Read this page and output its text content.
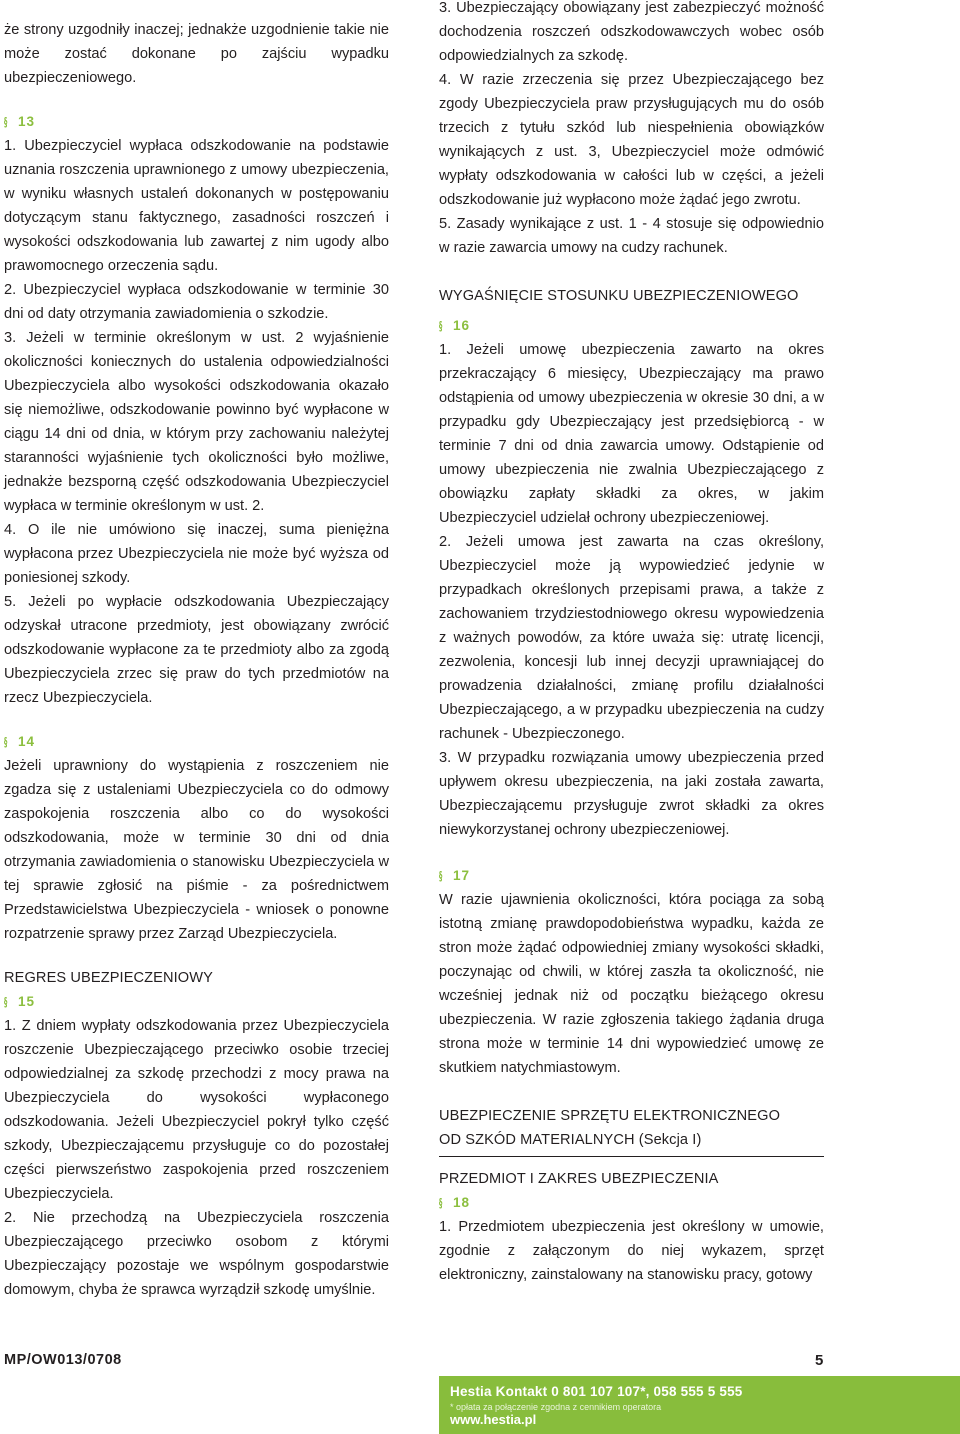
że strony uzgodniły inaczej; jednakże uzgodnienie takie nie może zostać dokonane po zajściu wypadku ubezpieczeniowego.

§ 13

1. Ubezpieczyciel wypłaca odszkodowanie na podstawie uznania roszczenia uprawnionego z umowy ubezpieczenia, w wyniku własnych ustaleń dokonanych w postępowaniu dotyczącym stanu faktycznego, zasadności roszczeń i wysokości odszkodowania lub zawartej z nim ugody albo prawomocnego orzeczenia sądu.

2. Ubezpieczyciel wypłaca odszkodowanie w terminie 30 dni od daty otrzymania zawiadomienia o szkodzie.

3. Jeżeli w terminie określonym w ust. 2 wyjaśnienie okoliczności koniecznych do ustalenia odpowiedzialności Ubezpieczyciela albo wysokości odszkodowania okazało się niemożliwe, odszkodowanie powinno być wypłacone w ciągu 14 dni od dnia, w którym przy zachowaniu należytej staranności wyjaśnienie tych okoliczności było możliwe, jednakże bezsporną część odszkodowania Ubezpieczyciel wypłaca w terminie określonym w ust. 2.

4. O ile nie umówiono się inaczej, suma pieniężna wypłacona przez Ubezpieczyciela nie może być wyższa od poniesionej szkody.

5. Jeżeli po wypłacie odszkodowania Ubezpieczający odzyskał utracone przedmioty, jest obowiązany zwrócić odszkodowanie wypłacone za te przedmioty albo za zgodą Ubezpieczyciela zrzec się praw do tych przedmiotów na rzecz Ubezpieczyciela.

§ 14

Jeżeli uprawniony do wystąpienia z roszczeniem nie zgadza się z ustaleniami Ubezpieczyciela co do odmowy zaspokojenia roszczenia albo co do wysokości odszkodowania, może w terminie 30 dni od dnia otrzymania zawiadomienia o stanowisku Ubezpieczyciela w tej sprawie zgłosić na piśmie - za pośrednictwem Przedstawicielstwa Ubezpieczyciela - wniosek o ponowne rozpatrzenie sprawy przez Zarząd Ubezpieczyciela.

REGRES UBEZPIECZENIOWY

§ 15

1. Z dniem wypłaty odszkodowania przez Ubezpieczyciela roszczenie Ubezpieczającego przeciwko osobie trzeciej odpowiedzialnej za szkodę przechodzi z mocy prawa na Ubezpieczyciela do wysokości wypłaconego odszkodowania. Jeżeli Ubezpieczyciel pokrył tylko część szkody, Ubezpieczającemu przysługuje co do pozostałej części pierwszeństwo zaspokojenia przed roszczeniem Ubezpieczyciela.

2. Nie przechodzą na Ubezpieczyciela roszczenia Ubezpieczającego przeciwko osobom z którymi Ubezpieczający pozostaje we wspólnym gospodarstwie domowym, chyba że sprawca wyrządził szkodę umyślnie.

3. Ubezpieczający obowiązany jest zabezpieczyć możność dochodzenia roszczeń odszkodowawczych wobec osób odpowiedzialnych za szkodę.

4. W razie zrzeczenia się przez Ubezpieczającego bez zgody Ubezpieczyciela praw przysługujących mu do osób trzecich z tytułu szkód lub niespełnienia obowiązków wynikających z ust. 3, Ubezpieczyciel może odmówić wypłaty odszkodowania w całości lub w części, a jeżeli odszkodowanie już wypłacono może żądać jego zwrotu.

5. Zasady wynikające z ust. 1 - 4 stosuje się odpowiednio w razie zawarcia umowy na cudzy rachunek.

WYGAŚNIĘCIE STOSUNKU UBEZPIECZENIOWEGO

§ 16

1. Jeżeli umowę ubezpieczenia zawarto na okres przekraczający 6 miesięcy, Ubezpieczający ma prawo odstąpienia od umowy ubezpieczenia w okresie 30 dni, a w przypadku gdy Ubezpieczający jest przedsiębiorcą - w terminie 7 dni od dnia zawarcia umowy. Odstąpienie od umowy ubezpieczenia nie zwalnia Ubezpieczającego z obowiązku zapłaty składki za okres, w jakim Ubezpieczyciel udzielał ochrony ubezpieczeniowej.

2. Jeżeli umowa jest zawarta na czas określony, Ubezpieczyciel może ją wypowiedzieć jedynie w przypadkach określonych przepisami prawa, a także z zachowaniem trzydziestodniowego okresu wypowiedzenia z ważnych powodów, za które uważa się: utratę licencji, zezwolenia, koncesji lub innej decyzji uprawniającej do prowadzenia działalności, zmianę profilu działalności Ubezpieczającego, a w przypadku ubezpieczenia na cudzy rachunek - Ubezpieczonego.

3. W przypadku rozwiązania umowy ubezpieczenia przed upływem okresu ubezpieczenia, na jaki została zawarta, Ubezpieczającemu przysługuje zwrot składki za okres niewykorzystanej ochrony ubezpieczeniowej.

§ 17

W razie ujawnienia okoliczności, która pociąga za sobą istotną zmianę prawdopodobieństwa wypadku, każda ze stron może żądać odpowiedniej zmiany wysokości składki, poczynając od chwili, w której zaszła ta okoliczność, nie wcześniej jednak niż od początku bieżącego okresu ubezpieczenia. W razie zgłoszenia takiego żądania druga strona może w terminie 14 dni wypowiedzieć umowę ze skutkiem natychmiastowym.

UBEZPIECZENIE SPRZĘTU ELEKTRONICZNEGO

OD SZKÓD MATERIALNYCH (Sekcja I)

PRZEDMIOT I ZAKRES UBEZPIECZENIA

§ 18

1. Przedmiotem ubezpieczenia jest określony w umowie, zgodnie z załączonym do niej wykazem, sprzęt elektroniczny, zainstalowany na stanowisku pracy, gotowy

MP/OW013/0708	5
Hestia Kontakt 0 801 107 107*, 058 555 5 555
* opłata za połączenie zgodna z cennikiem operatora
www.hestia.pl
